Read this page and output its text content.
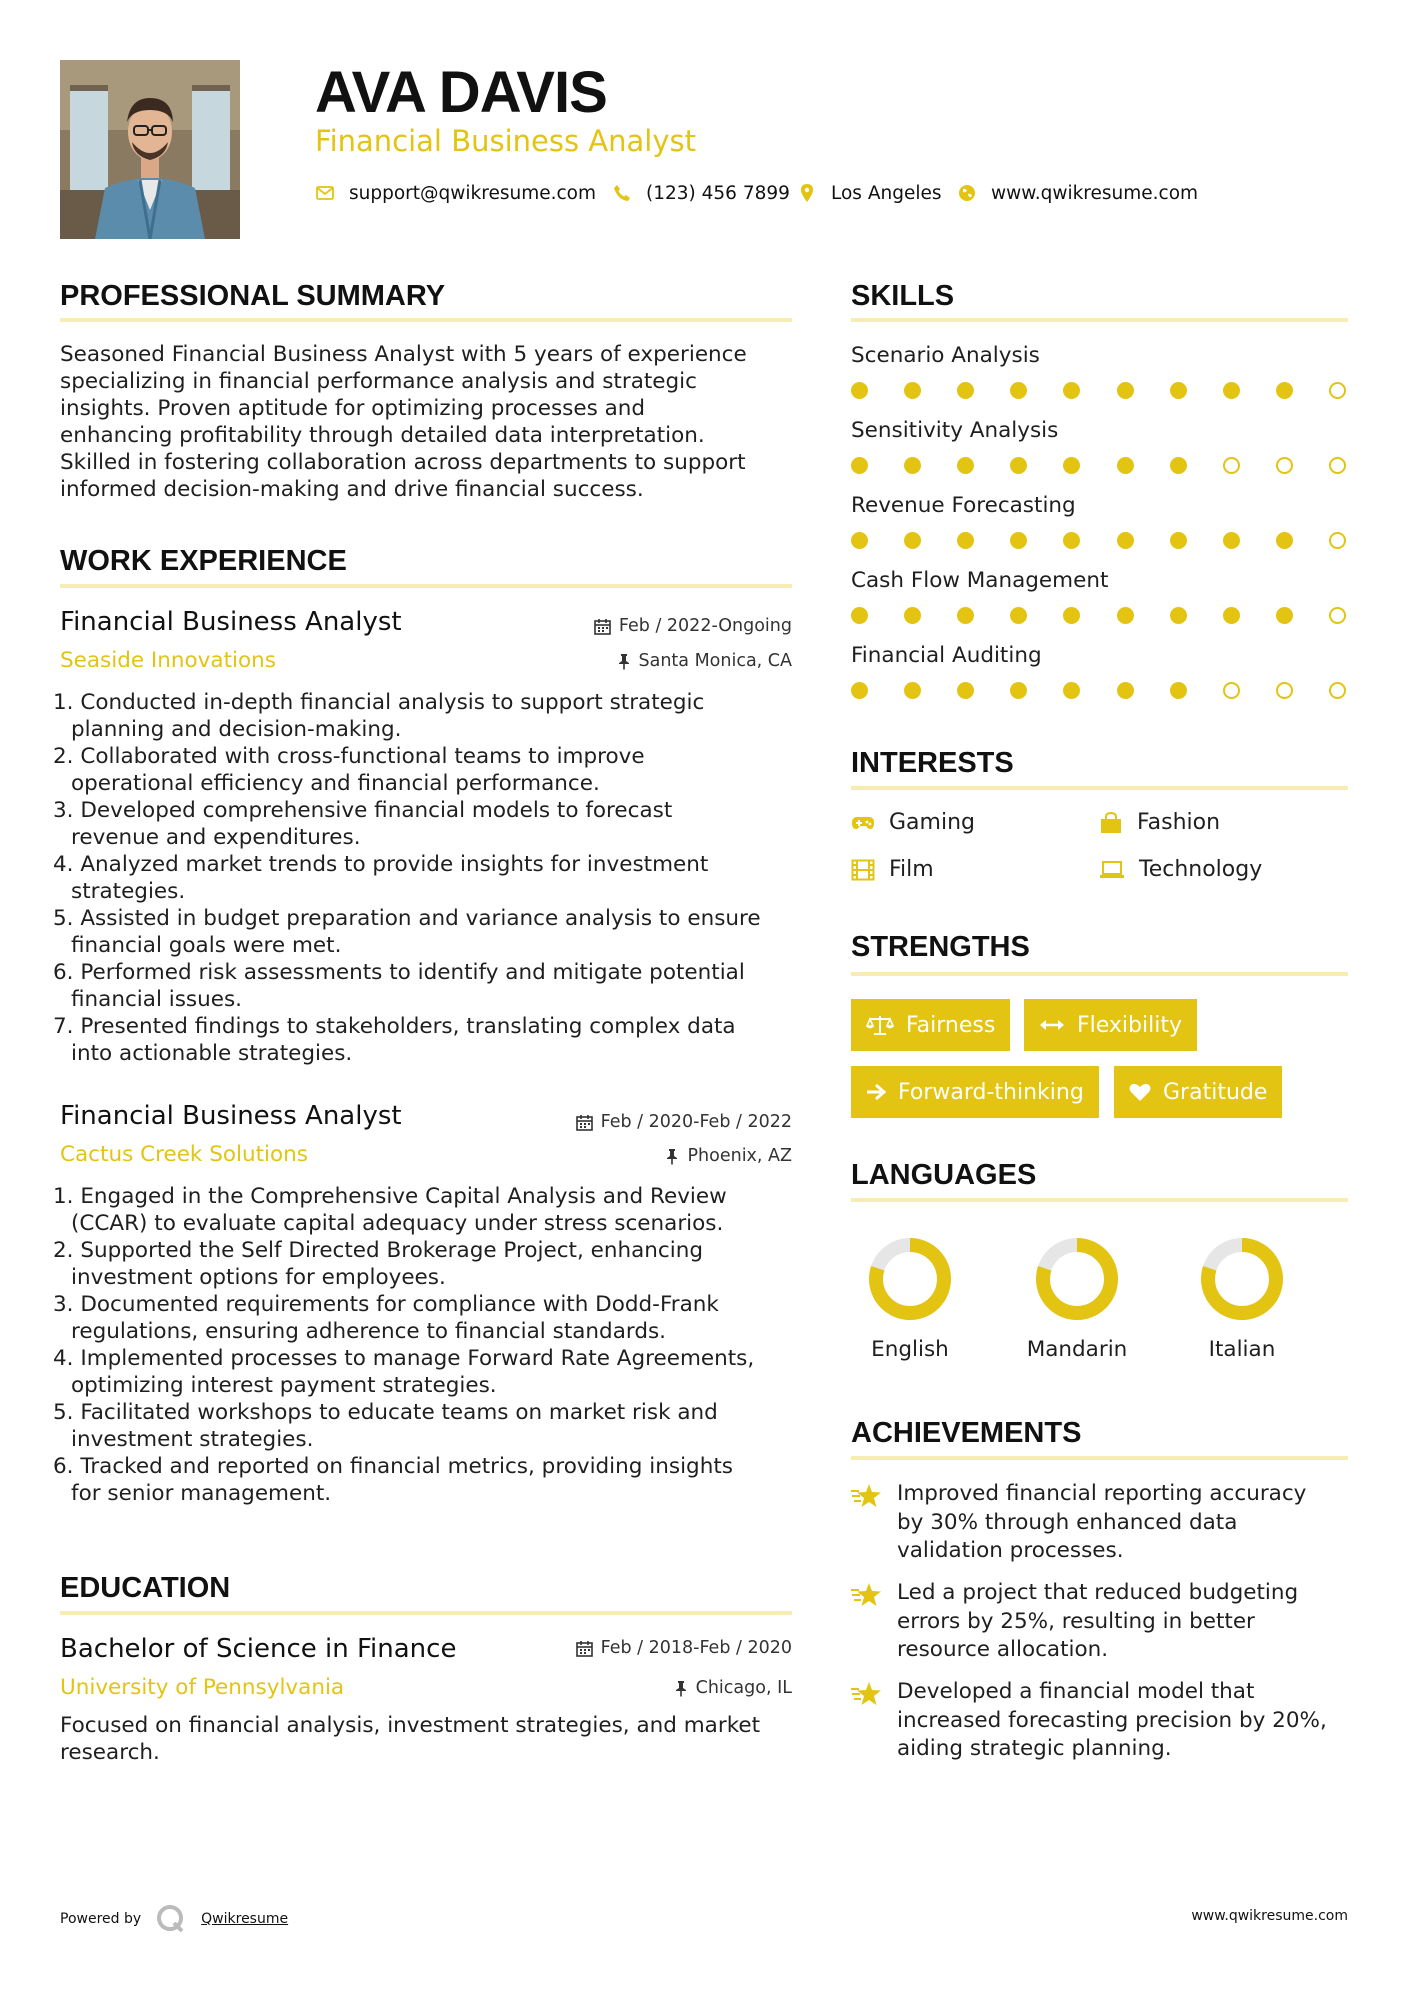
AVA DAVIS
Financial Business Analyst
support@qwikresume.com	(123) 456 7899 Los Angeles	www.qwikresume.com
PROFESSIONAL SUMMARY
Seasoned Financial Business Analyst with 5 years of experience
specializing in financial performance analysis and strategic
insights. Proven aptitude for optimizing processes and
enhancing profitability through detailed data interpretation.
Skilled in fostering collaboration across departments to support
informed decision-making and drive financial success.
WORK EXPERIENCE
Financial Business Analyst	Feb / 2022-Ongoing
Seaside Innovations	Santa Monica, CA
1. Conducted in-depth financial analysis to support strategic
planning and decision-making.
2. Collaborated with cross-functional teams to improve
operational efficiency and financial performance.
3. Developed comprehensive financial models to forecast
revenue and expenditures.
4. Analyzed market trends to provide insights for investment
strategies.
5. Assisted in budget preparation and variance analysis to ensure
financial goals were met.
6. Performed risk assessments to identify and mitigate potential
financial issues.
7. Presented findings to stakeholders, translating complex data
into actionable strategies.
Financial Business Analyst	Feb / 2020-Feb / 2022
Cactus Creek Solutions	Phoenix, AZ
1. Engaged in the Comprehensive Capital Analysis and Review
(CCAR) to evaluate capital adequacy under stress scenarios.
2. Supported the Self Directed Brokerage Project, enhancing
investment options for employees.
3. Documented requirements for compliance with Dodd-Frank
regulations, ensuring adherence to financial standards.
4. Implemented processes to manage Forward Rate Agreements,
optimizing interest payment strategies.
5. Facilitated workshops to educate teams on market risk and
investment strategies.
6. Tracked and reported on financial metrics, providing insights
for senior management.
EDUCATION
Bachelor of Science in Finance	Feb / 2018-Feb / 2020
University of Pennsylvania	Chicago, IL
Focused on financial analysis, investment strategies, and market
research.
SKILLS
Scenario Analysis
Sensitivity Analysis
Revenue Forecasting
Cash Flow Management
Financial Auditing
INTERESTS
Gaming	Fashion
Film	Technology
STRENGTHS
Fairness	Flexibility
Forward-thinking	Gratitude
LANGUAGES
English	Mandarin	Italian
ACHIEVEMENTS
Improved financial reporting accuracy
by 30% through enhanced data
validation processes.
Led a project that reduced budgeting
errors by 25%, resulting in better
resource allocation.
Developed a financial model that
increased forecasting precision by 20%,
aiding strategic planning.
Powered by	Qwikresume	www.qwikresume.com
